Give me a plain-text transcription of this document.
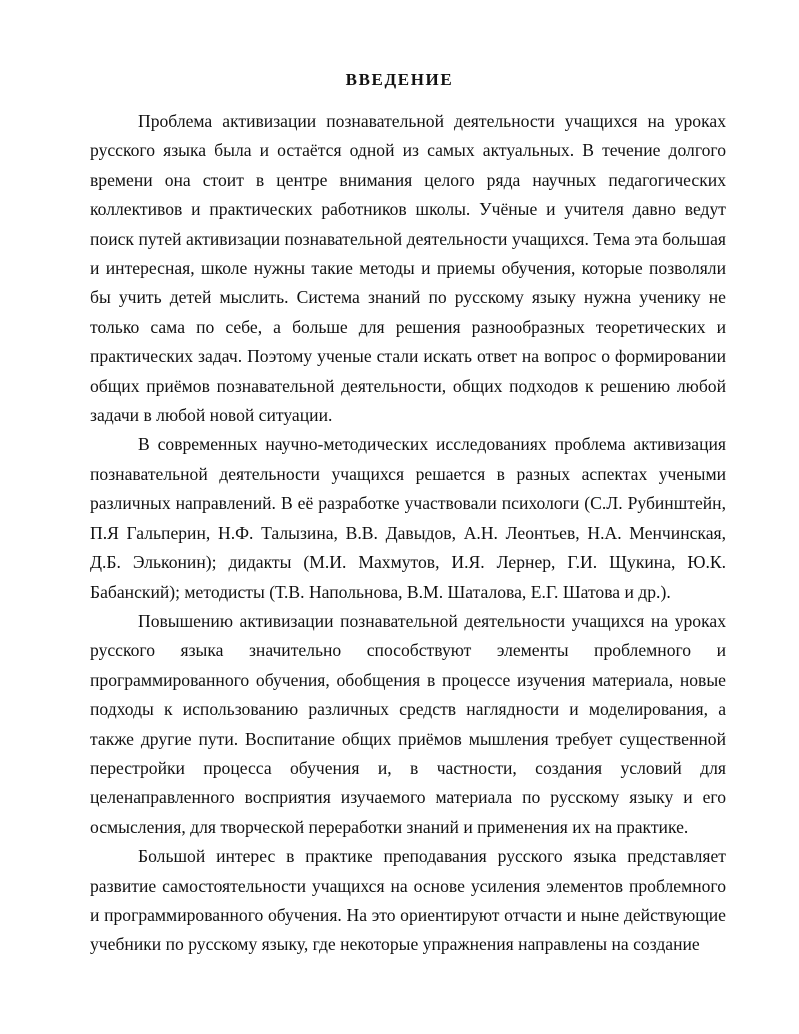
ВВЕДЕНИЕ

Проблема активизации познавательной деятельности учащихся на уроках русского языка была и остаётся одной из самых актуальных. В течение долгого времени она стоит в центре внимания целого ряда научных педагогических коллективов и практических работников школы. Учёные и учителя давно ведут поиск путей активизации познавательной деятельности учащихся. Тема эта большая и интересная, школе нужны такие методы и приемы обучения, которые позволяли бы учить детей мыслить. Система знаний по русскому языку нужна ученику не только сама по себе, а больше для решения разнообразных теоретических и практических задач. Поэтому ученые стали искать ответ на вопрос о формировании общих приёмов познавательной деятельности, общих подходов к решению любой задачи в любой новой ситуации.

В современных научно-методических исследованиях проблема активизация познавательной деятельности учащихся решается в разных аспектах учеными различных направлений. В её разработке участвовали психологи (С.Л. Рубинштейн, П.Я Гальперин, Н.Ф. Талызина, В.В. Давыдов, А.Н. Леонтьев, Н.А. Менчинская, Д.Б. Эльконин); дидакты (М.И. Махмутов, И.Я. Лернер, Г.И. Щукина, Ю.К. Бабанский); методисты (Т.В. Напольнова, В.М. Шаталова, Е.Г. Шатова и др.).

Повышению активизации познавательной деятельности учащихся на уроках русского языка значительно способствуют элементы проблемного и программированного обучения, обобщения в процессе изучения материала, новые подходы к использованию различных средств наглядности и моделирования, а также другие пути. Воспитание общих приёмов мышления требует существенной перестройки процесса обучения и, в частности, создания условий для целенаправленного восприятия изучаемого материала по русскому языку и его осмысления, для творческой переработки знаний и применения их на практике.

Большой интерес в практике преподавания русского языка представляет развитие самостоятельности учащихся на основе усиления элементов проблемного и программированного обучения. На это ориентируют отчасти и ныне действующие учебники по русскому языку, где некоторые упражнения направлены на создание
